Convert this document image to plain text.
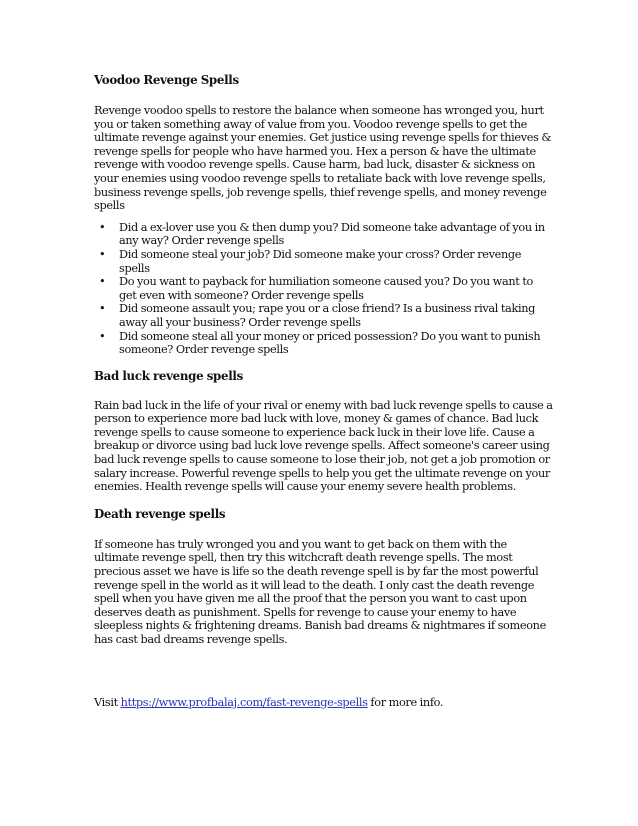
Voodoo Revenge Spells

Revenge voodoo spells to restore the balance when someone has wronged you, hurt you or taken something away of value from you. Voodoo revenge spells to get the ultimate revenge against your enemies. Get justice using revenge spells for thieves & revenge spells for people who have harmed you. Hex a person & have the ultimate revenge with voodoo revenge spells. Cause harm, bad luck, disaster & sickness on your enemies using voodoo revenge spells to retaliate back with love revenge spells, business revenge spells, job revenge spells, thief revenge spells, and money revenge spells

• Did a ex-lover use you & then dump you? Did someone take advantage of you in any way? Order revenge spells
• Did someone steal your job? Did someone make your cross? Order revenge spells
• Do you want to payback for humiliation someone caused you? Do you want to get even with someone? Order revenge spells
• Did someone assault you; rape you or a close friend? Is a business rival taking away all your business? Order revenge spells
• Did someone steal all your money or priced possession? Do you want to punish someone? Order revenge spells
Bad luck revenge spells

Rain bad luck in the life of your rival or enemy with bad luck revenge spells to cause a person to experience more bad luck with love, money & games of chance. Bad luck revenge spells to cause someone to experience back luck in their love life. Cause a breakup or divorce using bad luck love revenge spells. Affect someone's career using bad luck revenge spells to cause someone to lose their job, not get a job promotion or salary increase. Powerful revenge spells to help you get the ultimate revenge on your enemies. Health revenge spells will cause your enemy severe health problems.

Death revenge spells

If someone has truly wronged you and you want to get back on them with the ultimate revenge spell, then try this witchcraft death revenge spells. The most precious asset we have is life so the death revenge spell is by far the most powerful revenge spell in the world as it will lead to the death. I only cast the death revenge spell when you have given me all the proof that the person you want to cast upon deserves death as punishment. Spells for revenge to cause your enemy to have sleepless nights & frightening dreams. Banish bad dreams & nightmares if someone has cast bad dreams revenge spells.

Visit https://www.profbalaj.com/fast-revenge-spells for more info.
